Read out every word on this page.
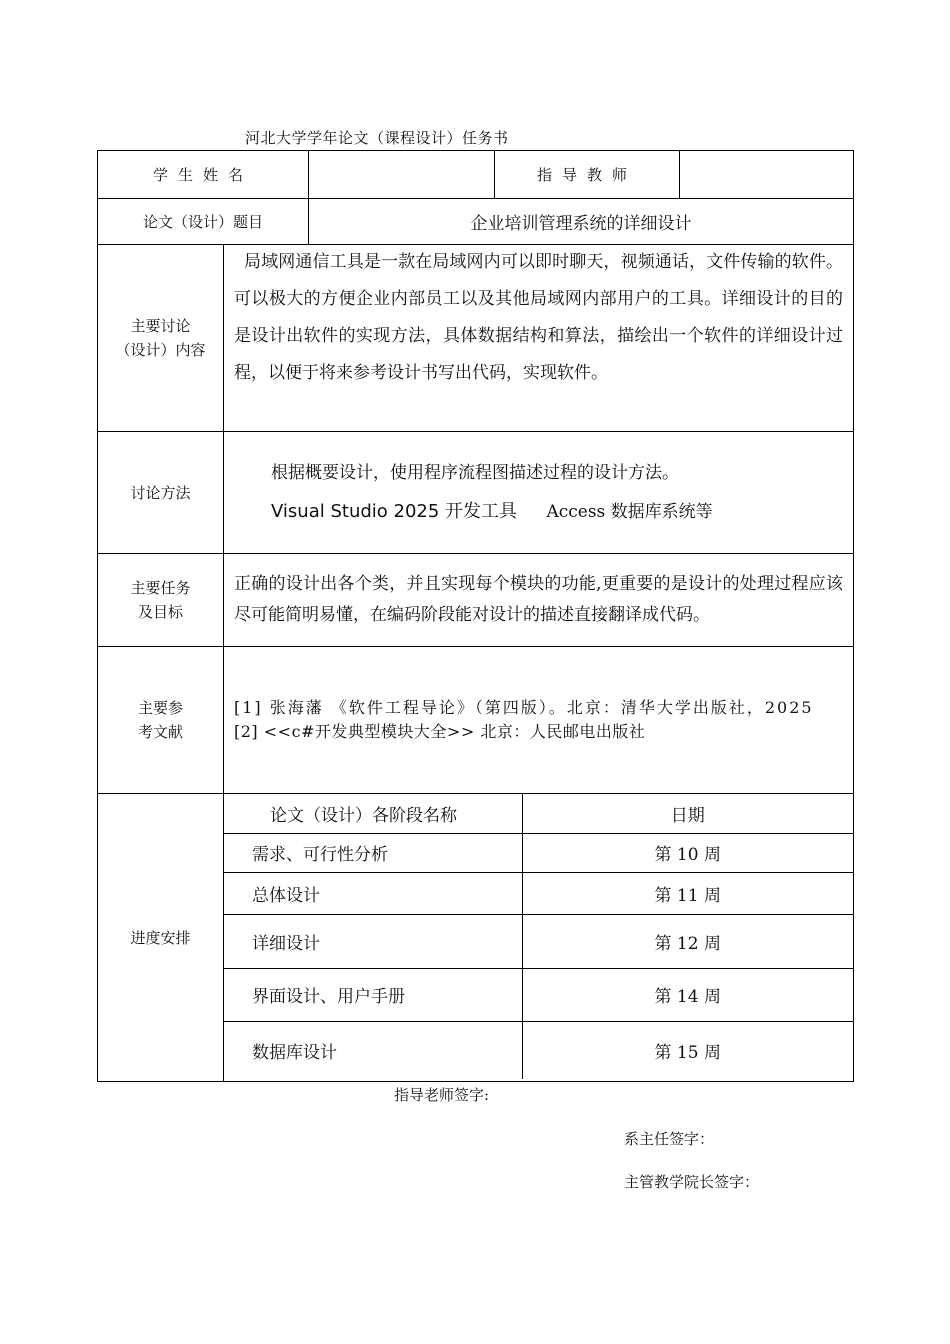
河北大学学年论文（课程设计）任务书
学生姓名		指导教师	
论文（设计）题目	企业培训管理系统的详细设计

主要讨论
（设计）内容

局域网通信工具是一款在局域网内可以即时聊天，视频通话，文件传输的软件。可以极大的方便企业内部员工以及其他局域网内部用户的工具。详细设计的目的是设计出软件的实现方法，具体数据结构和算法，描绘出一个软件的详细设计过程，以便于将来参考设计书写出代码，实现软件。

讨论方法	
根据概要设计，使用程序流程图描述过程的设计方法。
Visual Studio 2025 开发工具 Access 数据库系统等

主要任务
及目标

正确的设计出各个类，并且实现每个模块的功能,更重要的是设计的处理过程应该尽可能简明易懂，在编码阶段能对设计的描述直接翻译成代码。

主要参
考文献

[1] 张海藩 《软件工程导论》（第四版）。北京：清华大学出版社，2025
[2] <<c#开发典型模块大全>> 北京：人民邮电出版社

进度安排	
论文（设计）各阶段名称	日期
需求、可行性分析	第 10 周
总体设计	第 11 周
详细设计	第 12 周
界面设计、用户手册	第 14 周
数据库设计	第 15 周
指导老师签字:
系主任签字：
主管教学院长签字：
